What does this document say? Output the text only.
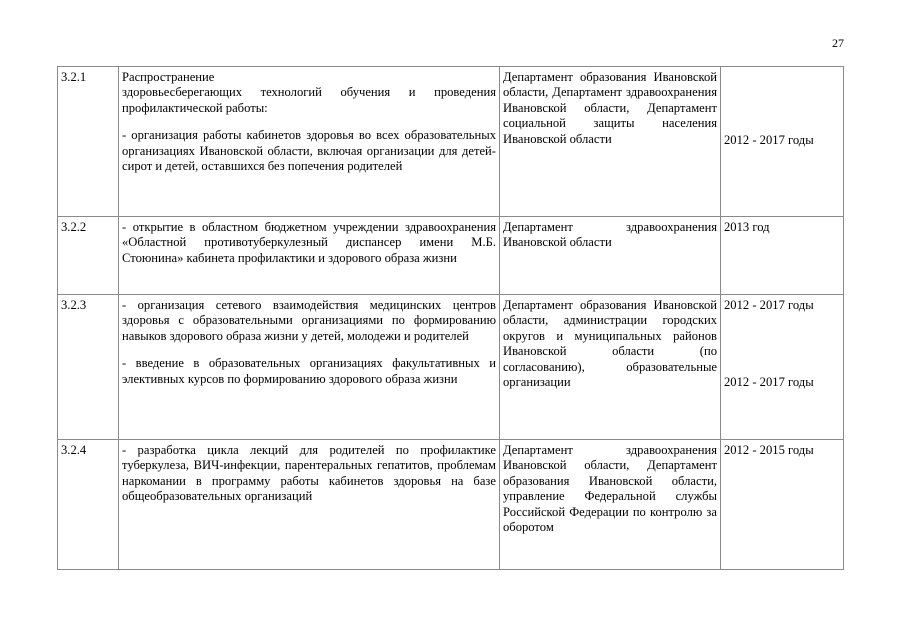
27
3.2.1	Распространение
здоровьесберегающих технологий обучения и проведения профилактической работы:
- организация работы кабинетов здоровья во всех образовательных организациях Ивановской области, включая организации для детей-сирот и детей, оставшихся без попечения родителей	Департамент образования Ивановской области, Департамент здравоохранения Ивановской области, Департамент социальной защиты населения Ивановской области	2012 - 2017 годы
3.2.2	- открытие в областном бюджетном учреждении здравоохранения «Областной противотуберкулезный диспансер имени М.Б. Стоюнина» кабинета профилактики и здорового образа жизни	Департамент здравоохранения Ивановской области	2013 год
3.2.3	- организация сетевого взаимодействия медицинских центров здоровья с образовательными организациями по формированию навыков здорового образа жизни у детей, молодежи и родителей
- введение в образовательных организациях факультативных и элективных курсов по формированию здорового образа жизни	Департамент образования Ивановской области, администрации городских округов и муниципальных районов Ивановской области (по согласованию), образовательные организации	2012 - 2017 годы
2012 - 2017 годы

3.2.4	- разработка цикла лекций для родителей по профилактике туберкулеза, ВИЧ-инфекции, парентеральных гепатитов, проблемам наркомании в программу работы кабинетов здоровья на базе общеобразовательных организаций	Департамент здравоохранения Ивановской области, Департамент образования Ивановской области, управление Федеральной службы Российской Федерации по контролю за оборотом	2012 - 2015 годы
